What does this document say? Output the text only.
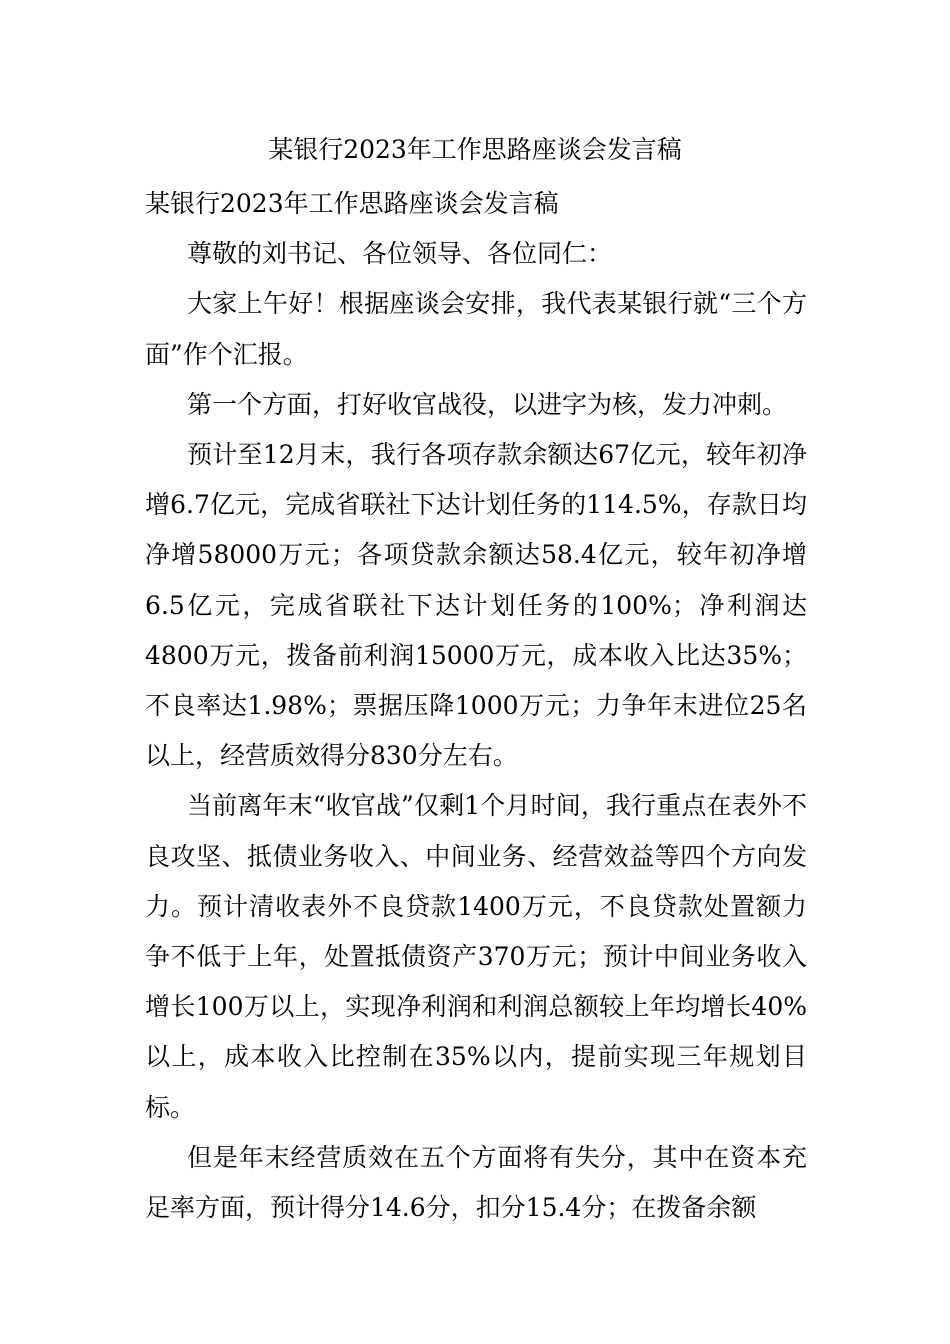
某银行2023年工作思路座谈会发言稿

某银行2023年工作思路座谈会发言稿

尊敬的刘书记、各位领导、各位同仁：

大家上午好！根据座谈会安排，我代表某银行就“三个方面”作个汇报。

第一个方面，打好收官战役，以进字为核，发力冲刺。

预计至12月末，我行各项存款余额达67亿元，较年初净增6.7亿元，完成省联社下达计划任务的114.5%，存款日均净增58000万元；各项贷款余额达58.4亿元，较年初净增6.5亿元，完成省联社下达计划任务的100%；净利润达4800万元，拨备前利润15000万元，成本收入比达35%；不良率达1.98%；票据压降1000万元；力争年末进位25名以上，经营质效得分830分左右。

当前离年末“收官战”仅剩1个月时间，我行重点在表外不良攻坚、抵债业务收入、中间业务、经营效益等四个方向发力。预计清收表外不良贷款1400万元，不良贷款处置额力争不低于上年，处置抵债资产370万元；预计中间业务收入增长100万以上，实现净利润和利润总额较上年均增长40%以上，成本收入比控制在35%以内，提前实现三年规划目标。

但是年末经营质效在五个方面将有失分，其中在资本充足率方面，预计得分14.6分，扣分15.4分；在拨备余额
